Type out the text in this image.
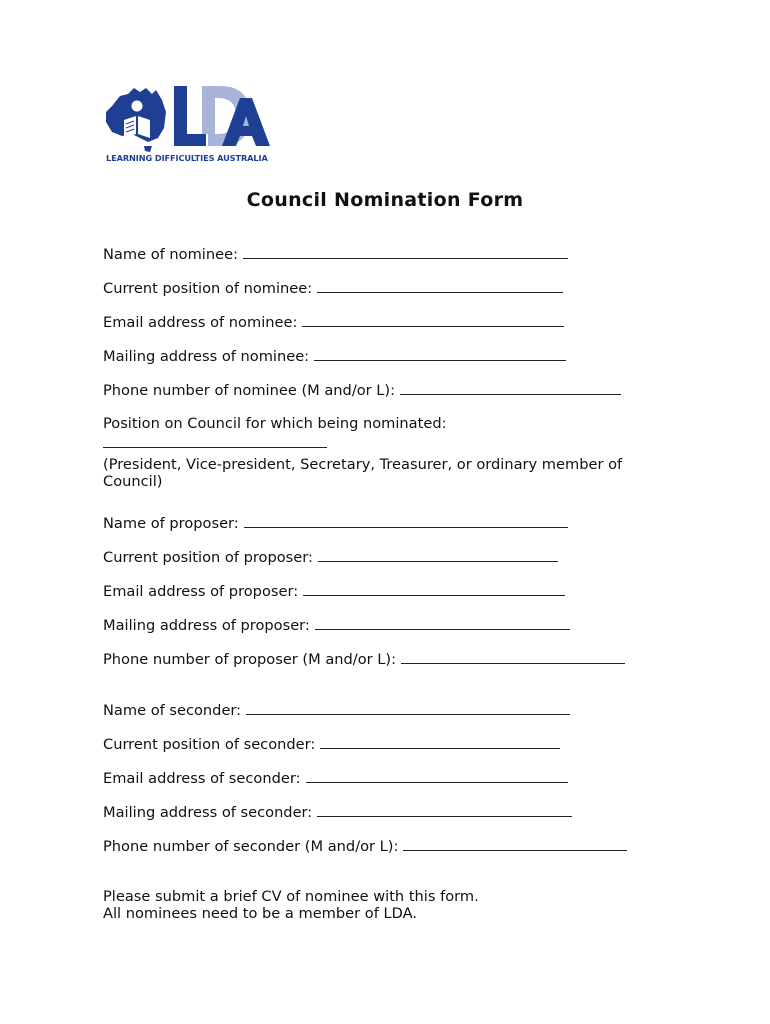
LEARNING DIFFICULTIES AUSTRALIA
Council Nomination Form
Name of nominee:
Current position of nominee:
Email address of nominee:
Mailing address of nominee:
Phone number of nominee (M and/or L):
Position on Council for which being nominated:
(President, Vice-president, Secretary, Treasurer, or ordinary member of Council)
Name of proposer:
Current position of proposer:
Email address of proposer:
Mailing address of proposer:
Phone number of proposer (M and/or L):
Name of seconder:
Current position of seconder:
Email address of seconder:
Mailing address of seconder:
Phone number of seconder (M and/or L):
Please submit a brief CV of nominee with this form.
All nominees need to be a member of LDA.
